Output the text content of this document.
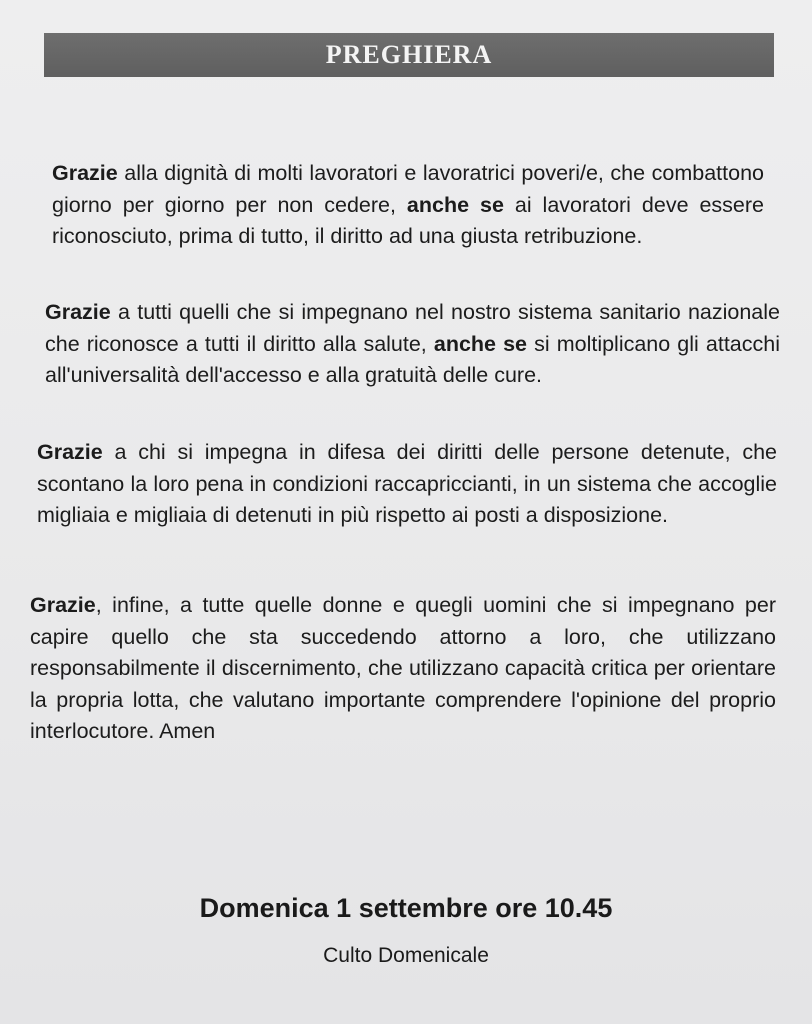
PREGHIERA

Grazie alla dignità di molti lavoratori e lavoratrici poveri/e, che combattono giorno per giorno per non cedere, anche se ai lavoratori deve essere riconosciuto, prima di tutto, il diritto ad una giusta retribuzione.

Grazie a tutti quelli che si impegnano nel nostro sistema sanitario nazionale che riconosce a tutti il diritto alla salute, anche se si moltiplicano gli attacchi all'universalità dell'accesso e alla gratuità delle cure.

Grazie a chi si impegna in difesa dei diritti delle persone detenute, che scontano la loro pena in condizioni raccapriccianti, in un sistema che accoglie migliaia e migliaia di detenuti in più rispetto ai posti a disposizione.

Grazie, infine, a tutte quelle donne e quegli uomini che si impegnano per capire quello che sta succedendo attorno a loro, che utilizzano responsabilmente il discernimento, che utilizzano capacità critica per orientare la propria lotta, che valutano importante comprendere l'opinione del proprio interlocutore. Amen

Domenica 1 settembre ore 10.45
Culto Domenicale
